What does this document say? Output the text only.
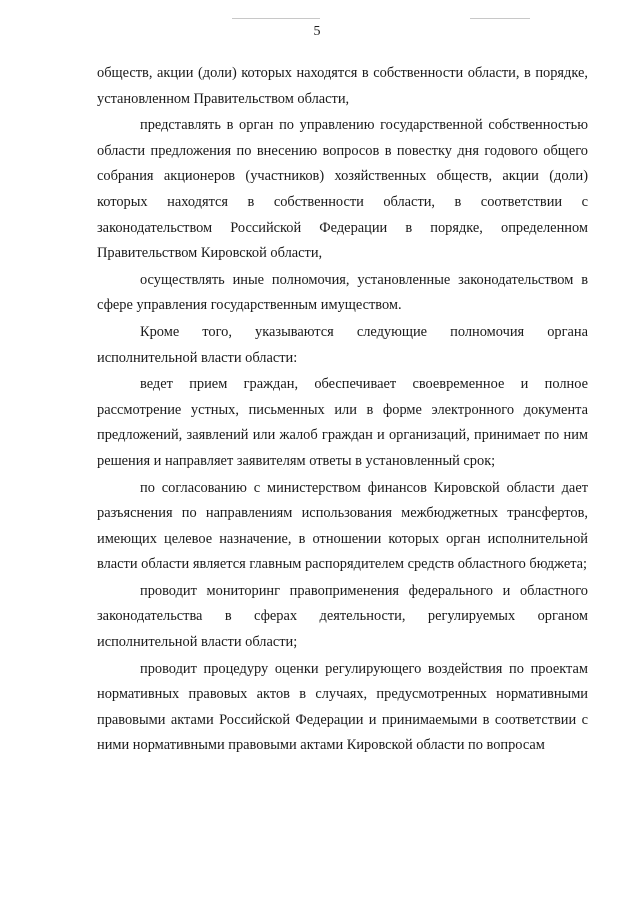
5

обществ, акции (доли) которых находятся в собственности области, в порядке, установленном Правительством области,

представлять в орган по управлению государственной собственностью области предложения по внесению вопросов в повестку дня годового общего собрания акционеров (участников) хозяйственных обществ, акции (доли) которых находятся в собственности области, в соответствии с законодательством Российской Федерации в порядке, определенном Правительством Кировской области,

осуществлять иные полномочия, установленные законодательством в сфере управления государственным имуществом.

Кроме того, указываются следующие полномочия органа исполнительной власти области:

ведет прием граждан, обеспечивает своевременное и полное рассмотрение устных, письменных или в форме электронного документа предложений, заявлений или жалоб граждан и организаций, принимает по ним решения и направляет заявителям ответы в установленный срок;

по согласованию с министерством финансов Кировской области дает разъяснения по направлениям использования межбюджетных трансфертов, имеющих целевое назначение, в отношении которых орган исполнительной власти области является главным распорядителем средств областного бюджета;

проводит мониторинг правоприменения федерального и областного законодательства в сферах деятельности, регулируемых органом исполнительной власти области;

проводит процедуру оценки регулирующего воздействия по проектам нормативных правовых актов в случаях, предусмотренных нормативными правовыми актами Российской Федерации и принимаемыми в соответствии с ними нормативными правовыми актами Кировской области по вопросам
